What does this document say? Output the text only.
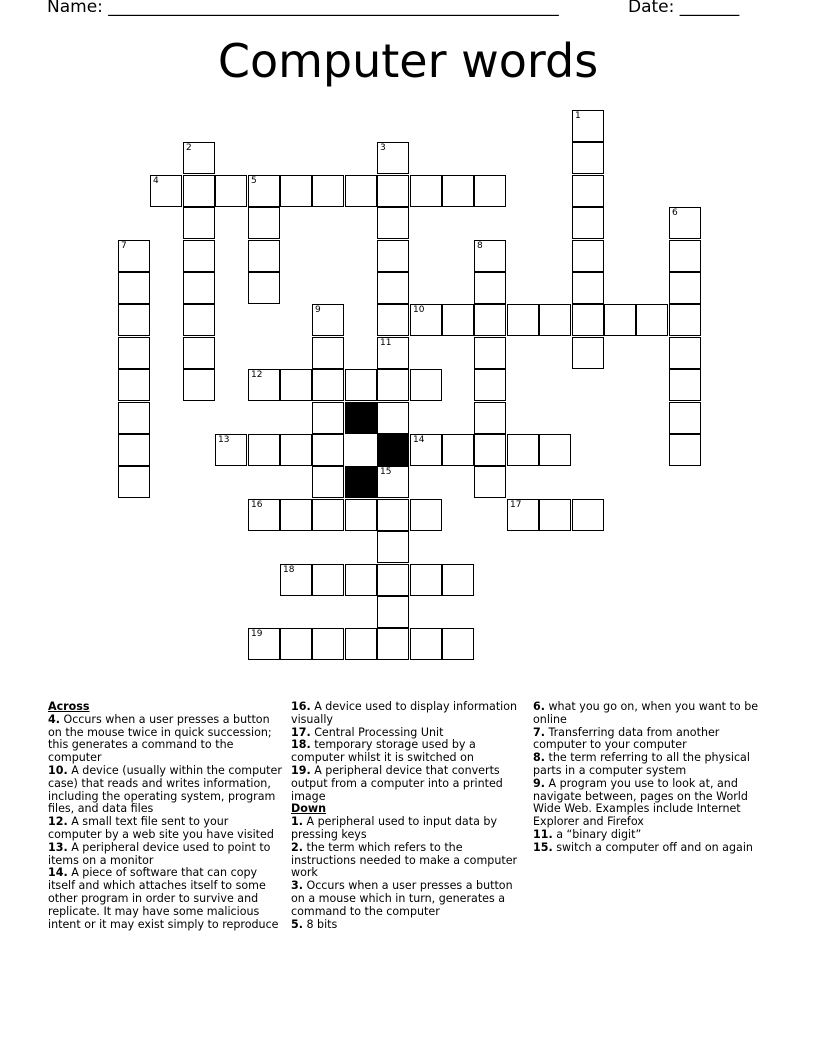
Name: _____________________________________________________	Date: _______
Computer words
1
2	3
5
6
7	8
9
11
15
4
10
12
13	14
16	17
18
19
Across
4. Occurs when a user presses a button on the mouse twice in quick succession; this generates a command to the computer
10. A device (usually within the computer case) that reads and writes information, including the operating system, program files, and data files
12. A small text file sent to your computer by a web site you have visited
13. A peripheral device used to point to items on a monitor
14. A piece of software that can copy itself and which attaches itself to some other program in order to survive and replicate. It may have some malicious intent or it may exist simply to reproduce
16. A device used to display information visually
17. Central Processing Unit
18. temporary storage used by a computer whilst it is switched on
19. A peripheral device that converts output from a computer into a printed image
Down
1. A peripheral used to input data by pressing keys
2. the term which refers to the instructions needed to make a computer work
3. Occurs when a user presses a button on a mouse which in turn, generates a command to the computer
5. 8 bits
6. what you go on, when you want to be online
7. Transferring data from another computer to your computer
8. the term referring to all the physical parts in a computer system
9. A program you use to look at, and navigate between, pages on the World Wide Web. Examples include Internet Explorer and Firefox
11. a “binary digit”
15. switch a computer off and on again
